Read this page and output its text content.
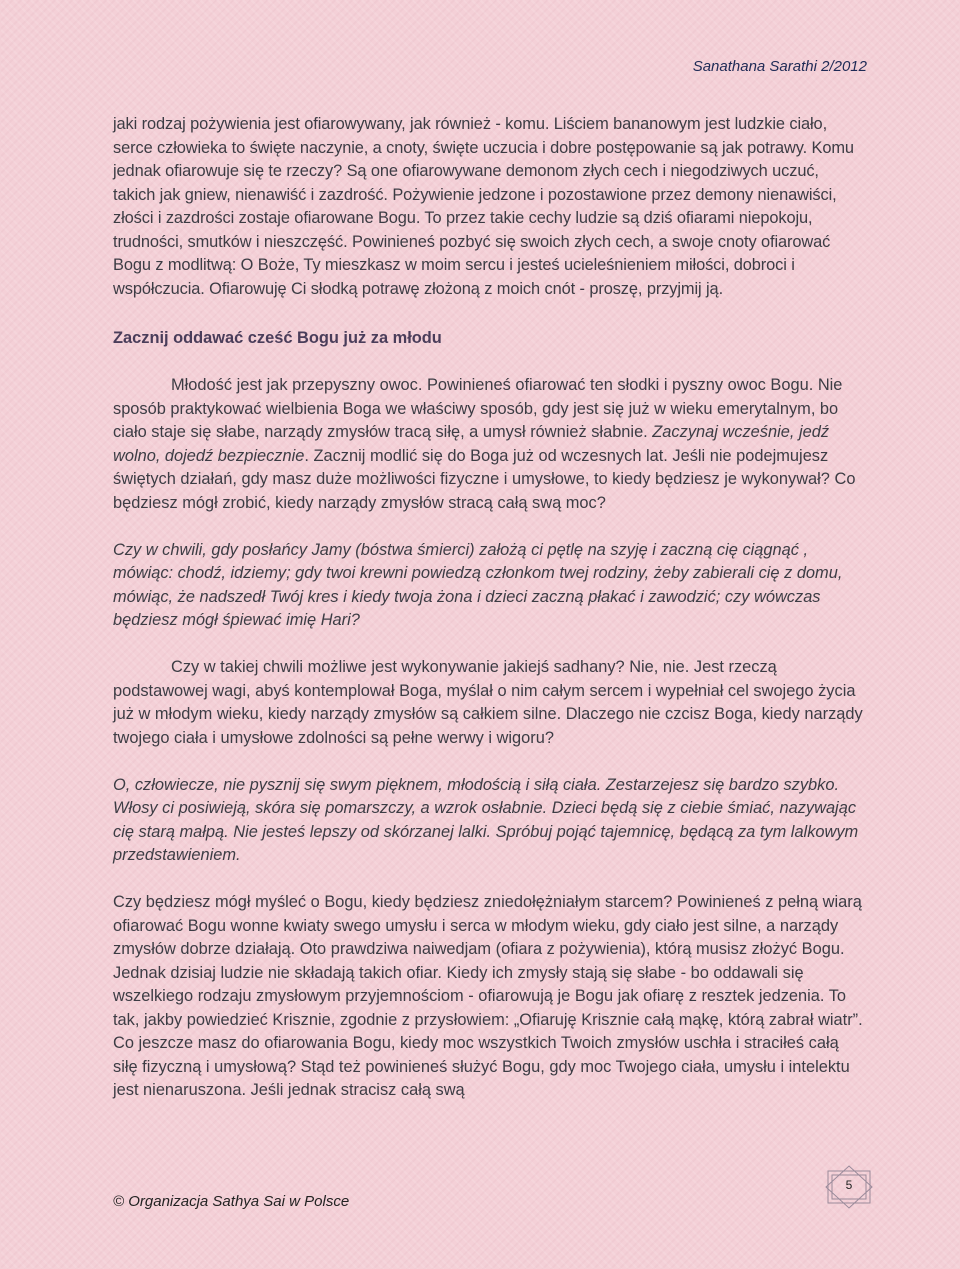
Sanathana Sarathi 2/2012

jaki rodzaj pożywienia jest ofiarowywany, jak również - komu. Liściem bananowym jest ludzkie ciało, serce człowieka to święte naczynie, a cnoty, święte uczucia i dobre postępowanie są jak potrawy. Komu jednak ofiarowuje się te rzeczy? Są one ofiarowywane demonom złych cech i niegodziwych uczuć, takich jak gniew, nienawiść i zazdrość. Pożywienie jedzone i pozostawione przez demony nienawiści, złości i zazdrości zostaje ofiarowane Bogu. To przez takie cechy ludzie są dziś ofiarami niepokoju, trudności, smutków i nieszczęść. Powinieneś pozbyć się swoich złych cech, a swoje cnoty ofiarować Bogu z modlitwą: O Boże, Ty mieszkasz w moim sercu i jesteś ucieleśnieniem miłości, dobroci i współczucia. Ofiarowuję Ci słodką potrawę złożoną z moich cnót - proszę, przyjmij ją.

Zacznij oddawać cześć Bogu już za młodu

Młodość jest jak przepyszny owoc. Powinieneś ofiarować ten słodki i pyszny owoc Bogu. Nie sposób praktykować wielbienia Boga we właściwy sposób, gdy jest się już w wieku emerytalnym, bo ciało staje się słabe, narządy zmysłów tracą siłę, a umysł również słabnie. Zaczynaj wcześnie, jedź wolno, dojedź bezpiecznie. Zacznij modlić się do Boga już od wczesnych lat. Jeśli nie podejmujesz świętych działań, gdy masz duże możliwości fizyczne i umysłowe, to kiedy będziesz je wykonywał? Co będziesz mógł zrobić, kiedy narządy zmysłów stracą całą swą moc?

Czy w chwili, gdy posłańcy Jamy (bóstwa śmierci) założą ci pętlę na szyję i zaczną cię ciągnąć , mówiąc: chodź, idziemy; gdy twoi krewni powiedzą członkom twej rodziny, żeby zabierali cię z domu, mówiąc, że nadszedł Twój kres i kiedy twoja żona i dzieci zaczną płakać i zawodzić; czy wówczas będziesz mógł śpiewać imię Hari?

Czy w takiej chwili możliwe jest wykonywanie jakiejś sadhany? Nie, nie. Jest rzeczą podstawowej wagi, abyś kontemplował Boga, myślał o nim całym sercem i wypełniał cel swojego życia już w młodym wieku, kiedy narządy zmysłów są całkiem silne. Dlaczego nie czcisz Boga, kiedy narządy twojego ciała i umysłowe zdolności są pełne werwy i wigoru?

O, człowiecze, nie pysznij się swym pięknem, młodością i siłą ciała. Zestarzejesz się bardzo szybko. Włosy ci posiwieją, skóra się pomarszczy, a wzrok osłabnie. Dzieci będą się z ciebie śmiać, nazywając cię starą małpą. Nie jesteś lepszy od skórzanej lalki. Spróbuj pojąć tajemnicę, będącą za tym lalkowym przedstawieniem.

Czy będziesz mógł myśleć o Bogu, kiedy będziesz zniedołężniałym starcem? Powinieneś z pełną wiarą ofiarować Bogu wonne kwiaty swego umysłu i serca w młodym wieku, gdy ciało jest silne, a narządy zmysłów dobrze działają. Oto prawdziwa naiwedjam (ofiara z pożywienia), którą musisz złożyć Bogu. Jednak dzisiaj ludzie nie składają takich ofiar. Kiedy ich zmysły stają się słabe - bo oddawali się wszelkiego rodzaju zmysłowym przyjemnościom - ofiarowują je Bogu jak ofiarę z resztek jedzenia. To tak, jakby powiedzieć Krisznie, zgodnie z przysłowiem: „Ofiaruję Krisznie całą mąkę, którą zabrał wiatr”. Co jeszcze masz do ofiarowania Bogu, kiedy moc wszystkich Twoich zmysłów uschła i straciłeś całą siłę fizyczną i umysłową? Stąd też powinieneś służyć Bogu, gdy moc Twojego ciała, umysłu i intelektu jest nienaruszona. Jeśli jednak stracisz całą swą

© Organizacja Sathya Sai w Polsce
5
